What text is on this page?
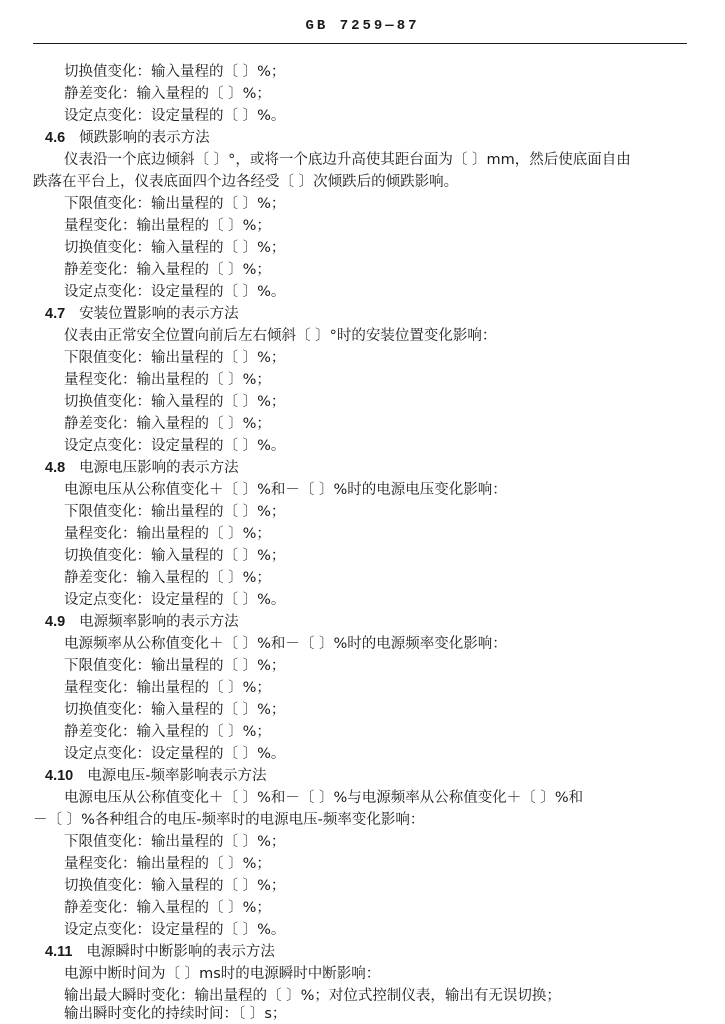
GB 7259—87
切换值变化：输入量程的〔 〕%；
静差变化：输入量程的〔 〕%；
设定点变化：设定量程的〔 〕%。
4.6 倾跌影响的表示方法
仪表沿一个底边倾斜〔 〕°，或将一个底边升高使其距台面为〔 〕mm，然后使底面自由
跌落在平台上，仪表底面四个边各经受〔 〕次倾跌后的倾跌影响。
下限值变化：输出量程的〔 〕%；
量程变化：输出量程的〔 〕%；
切换值变化：输入量程的〔 〕%；
静差变化：输入量程的〔 〕%；
设定点变化：设定量程的〔 〕%。
4.7 安装位置影响的表示方法
仪表由正常安全位置向前后左右倾斜〔 〕°时的安装位置变化影响：
下限值变化：输出量程的〔 〕%；
量程变化：输出量程的〔 〕%；
切换值变化：输入量程的〔 〕%；
静差变化：输入量程的〔 〕%；
设定点变化：设定量程的〔 〕%。
4.8 电源电压影响的表示方法
电源电压从公称值变化＋〔 〕%和－〔 〕%时的电源电压变化影响：
下限值变化：输出量程的〔 〕%；
量程变化：输出量程的〔 〕%；
切换值变化：输入量程的〔 〕%；
静差变化：输入量程的〔 〕%；
设定点变化：设定量程的〔 〕%。
4.9 电源频率影响的表示方法
电源频率从公称值变化＋〔 〕%和－〔 〕%时的电源频率变化影响：
下限值变化：输出量程的〔 〕%；
量程变化：输出量程的〔 〕%；
切换值变化：输入量程的〔 〕%；
静差变化：输入量程的〔 〕%；
设定点变化：设定量程的〔 〕%。
4.10 电源电压-频率影响表示方法
电源电压从公称值变化＋〔 〕%和－〔 〕%与电源频率从公称值变化＋〔 〕%和
－〔 〕%各种组合的电压-频率时的电源电压-频率变化影响：
下限值变化：输出量程的〔 〕%；
量程变化：输出量程的〔 〕%；
切换值变化：输入量程的〔 〕%；
静差变化：输入量程的〔 〕%；
设定点变化：设定量程的〔 〕%。
4.11 电源瞬时中断影响的表示方法
电源中断时间为〔 〕ms时的电源瞬时中断影响：
输出最大瞬时变化：输出量程的〔 〕%；对位式控制仪表，输出有无误切换；
输出瞬时变化的持续时间：〔 〕s；
